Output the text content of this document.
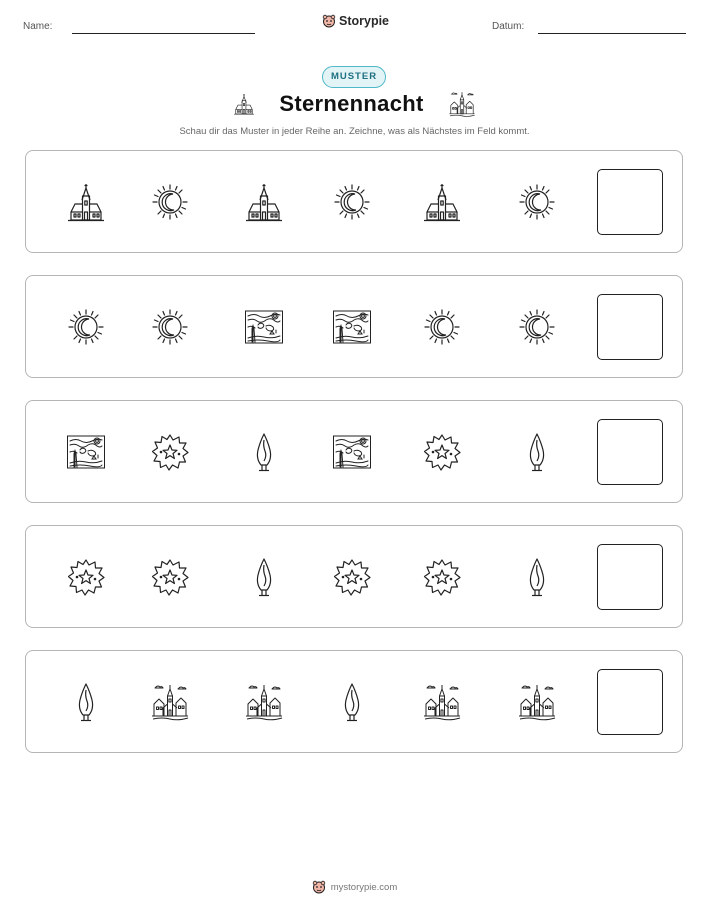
Name:	Storypie	Datum:
MUSTER
Sternennacht
Schau dir das Muster in jeder Reihe an. Zeichne, was als Nächstes im Feld kommt.
mystorypie.com
